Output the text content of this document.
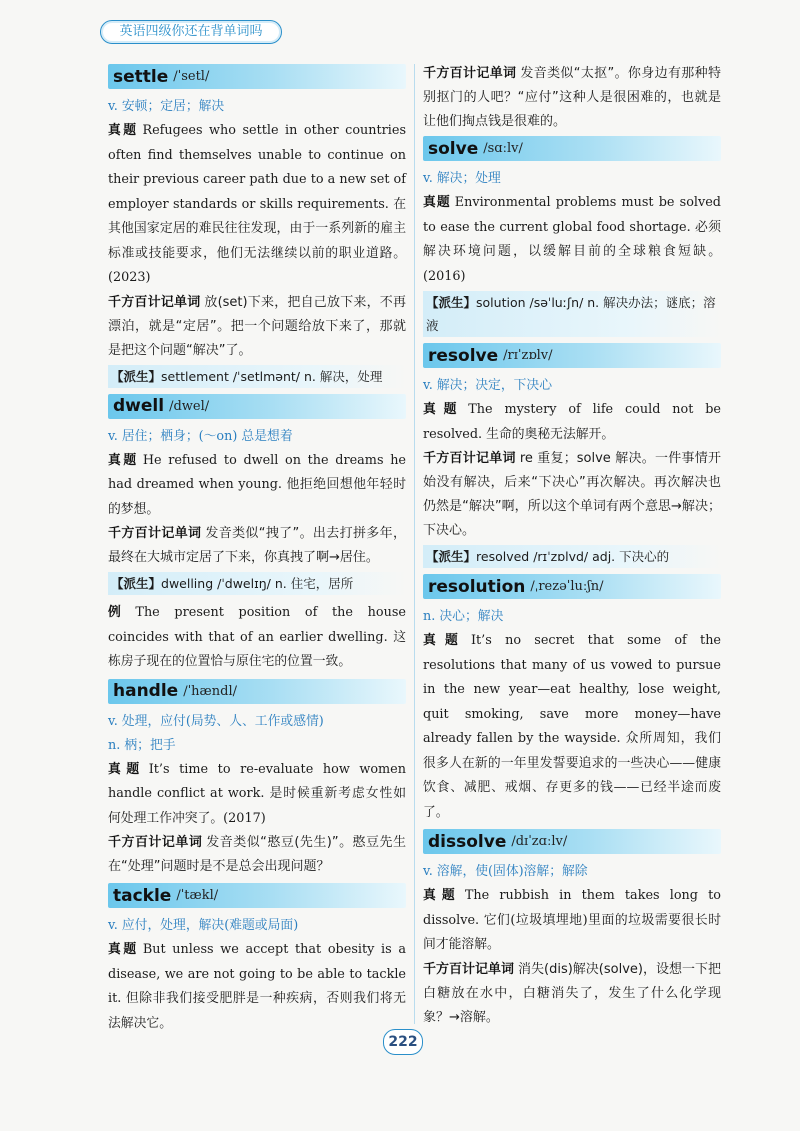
英语四级你还在背单词吗
settle /ˈsetl/

v. 安顿；定居；解决

真题 Refugees who settle in other countries often find themselves unable to continue on their previous career path due to a new set of employer standards or skills requirements. 在其他国家定居的难民往往发现，由于一系列新的雇主标准或技能要求，他们无法继续以前的职业道路。(2023)

千方百计记单词 放(set)下来，把自己放下来，不再漂泊，就是“定居”。把一个问题给放下来了，那就是把这个问题“解决”了。

【派生】settlement /ˈsetlmənt/ n. 解决，处理
dwell /dwel/

v. 居住；栖身；(～on) 总是想着

真题 He refused to dwell on the dreams he had dreamed when young. 他拒绝回想他年轻时的梦想。

千方百计记单词 发音类似“拽了”。出去打拼多年，最终在大城市定居了下来，你真拽了啊→居住。

【派生】dwelling /ˈdwelɪŋ/ n. 住宅，居所

例 The present position of the house coincides with that of an earlier dwelling. 这栋房子现在的位置恰与原住宅的位置一致。

handle /ˈhændl/

v. 处理，应付(局势、人、工作或感情)

n. 柄；把手

真题 It’s time to re-evaluate how women handle conflict at work. 是时候重新考虑女性如何处理工作冲突了。(2017)

千方百计记单词 发音类似“憨豆(先生)”。憨豆先生在“处理”问题时是不是总会出现问题？

tackle /ˈtækl/

v. 应付，处理，解决(难题或局面)

真题 But unless we accept that obesity is a disease, we are not going to be able to tackle it. 但除非我们接受肥胖是一种疾病，否则我们将无法解决它。

千方百计记单词 发音类似“太抠”。你身边有那种特别抠门的人吧？“应付”这种人是很困难的，也就是让他们掏点钱是很难的。

solve /sɑːlv/

v. 解决；处理

真题 Environmental problems must be solved to ease the current global food shortage. 必须解决环境问题，以缓解目前的全球粮食短缺。(2016)

【派生】solution /səˈluːʃn/ n. 解决办法；谜底；溶液
resolve /rɪˈzɒlv/

v. 解决；决定，下决心

真题 The mystery of life could not be resolved. 生命的奥秘无法解开。

千方百计记单词 re 重复；solve 解决。一件事情开始没有解决，后来“下决心”再次解决。再次解决也仍然是“解决”啊，所以这个单词有两个意思→解决；下决心。

【派生】resolved /rɪˈzɒlvd/ adj. 下决心的
resolution /ˌrezəˈluːʃn/

n. 决心；解决

真题 It’s no secret that some of the resolutions that many of us vowed to pursue in the new year—eat healthy, lose weight, quit smoking, save more money—have already fallen by the wayside. 众所周知，我们很多人在新的一年里发誓要追求的一些决心——健康饮食、减肥、戒烟、存更多的钱——已经半途而废了。

dissolve /dɪˈzɑːlv/

v. 溶解，使(固体)溶解；解除

真题 The rubbish in them takes long to dissolve. 它们(垃圾填埋地)里面的垃圾需要很长时间才能溶解。

千方百计记单词 消失(dis)解决(solve)，设想一下把白糖放在水中，白糖消失了，发生了什么化学现象？→溶解。

222
